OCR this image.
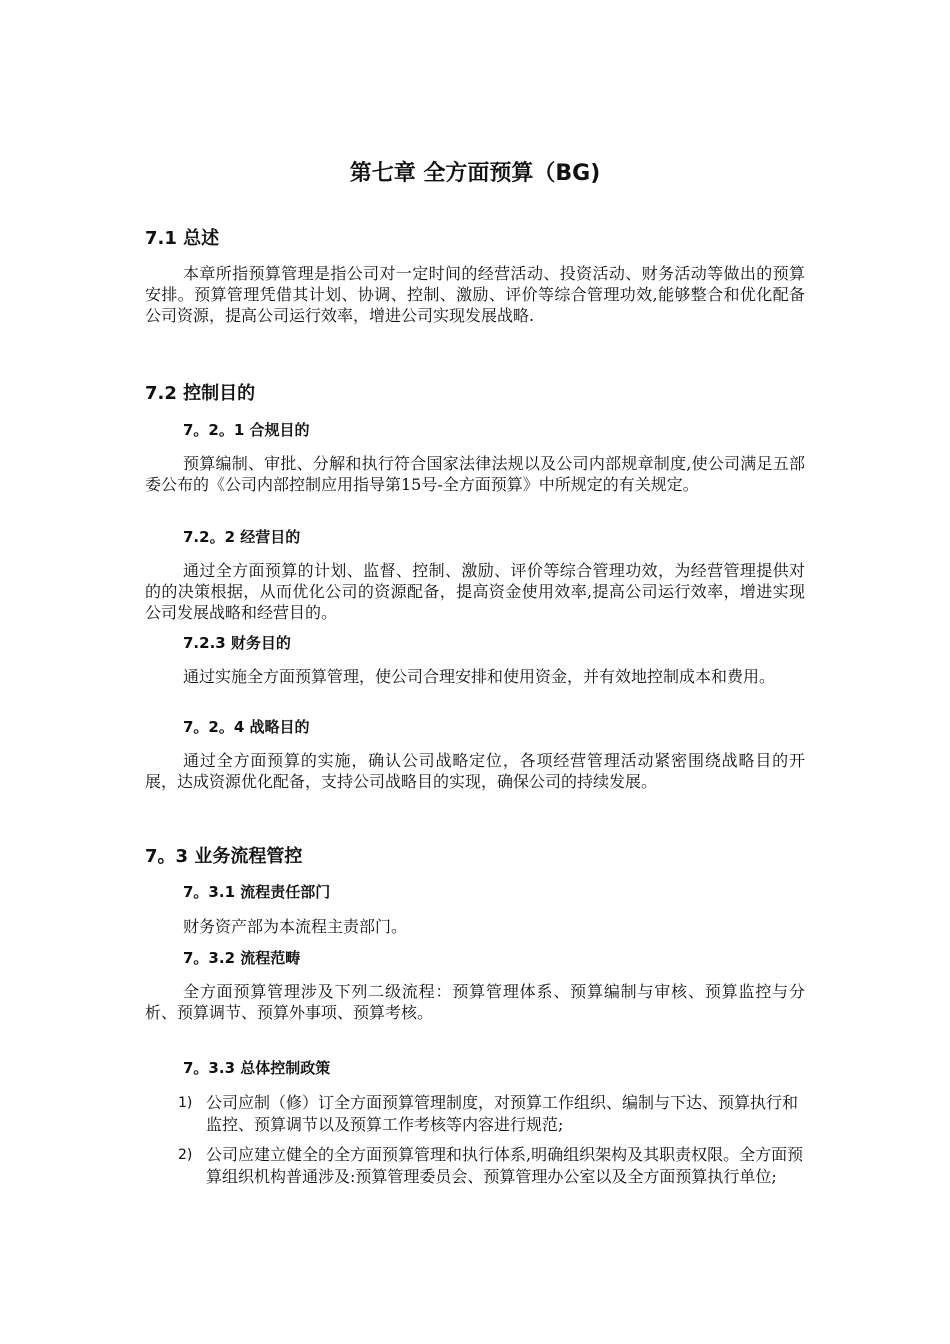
第七章 全方面预算（BG)
7.1 总述

本章所指预算管理是指公司对一定时间的经营活动、投资活动、财务活动等做出的预算安排。预算管理凭借其计划、协调、控制、激励、评价等综合管理功效,能够整合和优化配备公司资源，提高公司运行效率，增进公司实现发展战略.

7.2 控制目的
7。2。1 合规目的

预算编制、审批、分解和执行符合国家法律法规以及公司内部规章制度,使公司满足五部委公布的《公司内部控制应用指导第15号-全方面预算》中所规定的有关规定。

7.2。2 经营目的

通过全方面预算的计划、监督、控制、激励、评价等综合管理功效，为经营管理提供对的的决策根据，从而优化公司的资源配备，提高资金使用效率,提高公司运行效率，增进实现公司发展战略和经营目的。

7.2.3 财务目的

通过实施全方面预算管理，使公司合理安排和使用资金，并有效地控制成本和费用。

7。2。4 战略目的

通过全方面预算的实施，确认公司战略定位，各项经营管理活动紧密围绕战略目的开展，达成资源优化配备，支持公司战略目的实现，确保公司的持续发展。

7。3 业务流程管控
7。3.1 流程责任部门

财务资产部为本流程主责部门。

7。3.2 流程范畴

全方面预算管理涉及下列二级流程：预算管理体系、预算编制与审核、预算监控与分析、预算调节、预算外事项、预算考核。

7。3.3 总体控制政策
1) 公司应制（修）订全方面预算管理制度，对预算工作组织、编制与下达、预算执行和监控、预算调节以及预算工作考核等内容进行规范;
2) 公司应建立健全的全方面预算管理和执行体系,明确组织架构及其职责权限。全方面预算组织机构普通涉及:预算管理委员会、预算管理办公室以及全方面预算执行单位;
